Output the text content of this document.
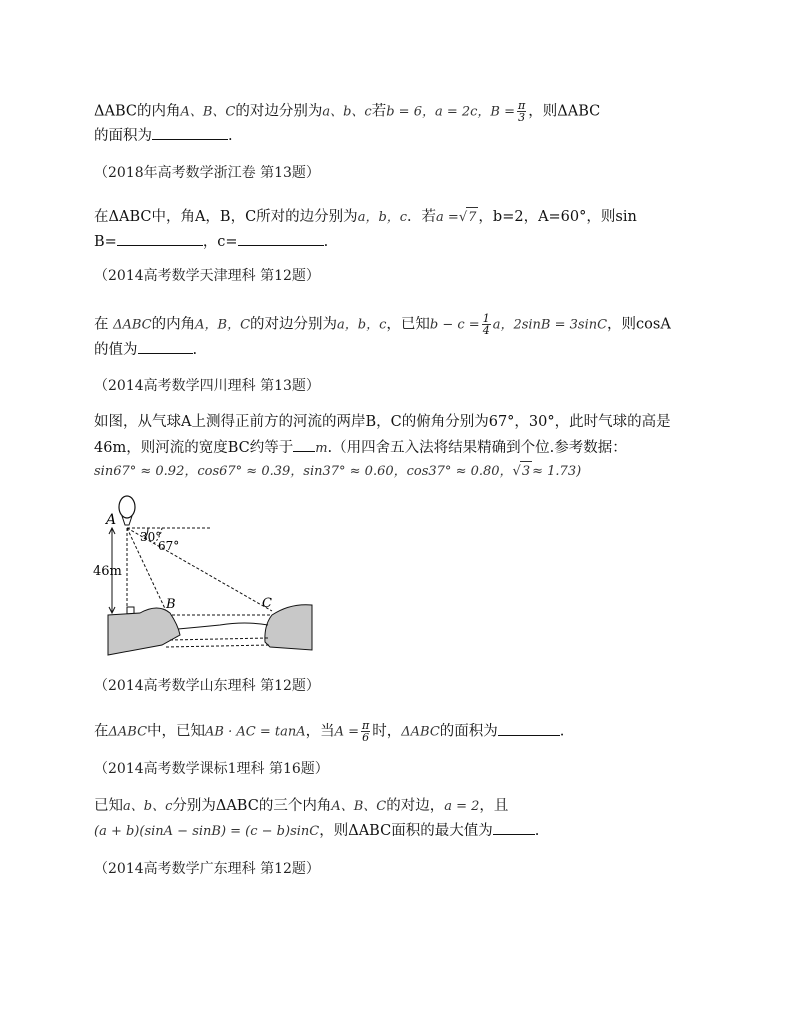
ΔABC的内角A、B、C的对边分别为a、b、c若b = 6，a = 2c，$B = \frac{\pi}{3}$ ，则ΔABC
的面积为	.
（2018年高考数学浙江卷 第13题）
在ΔABC中，角A，B，C所对的边分别为a，b，c．若a =√7 ，b=2，A=60°，则sin
B=	，c=	.
（2014高考数学天津理科 第12题）
在 ΔABC的内角A，B，C的对边分别为a，b，c，已知$b - c = \frac{1}{4}$ a，2sinB = 3sinC，则cosA
的值为	.
（2014高考数学四川理科 第13题）
如图，从气球A上测得正前方的河流的两岸B，C的俯角分别为67°，30°，此时气球的高是
46m，则河流的宽度BC约等于 m.（用四舍五入法将结果精确到个位.参考数据：
sin67° ≈ 0.92，cos67° ≈ 0.39，sin37° ≈ 0.60，cos37° ≈ 0.80，√3 ≈ 1.73)
A
B	C
46m
30°
67°
（2014高考数学山东理科 第12题）
在ΔABC中，已知AB · AC = tanA，当$A = \frac{\pi}{6}$ 时，ΔABC的面积为	.
（2014高考数学课标1理科 第16题）
已知a、b、c分别为ΔABC的三个内角A、B、C的对边，a = 2，且
(a + b)(sinA − sinB) = (c − b)sinC，则ΔABC面积的最大值为	.
（2014高考数学广东理科 第12题）
